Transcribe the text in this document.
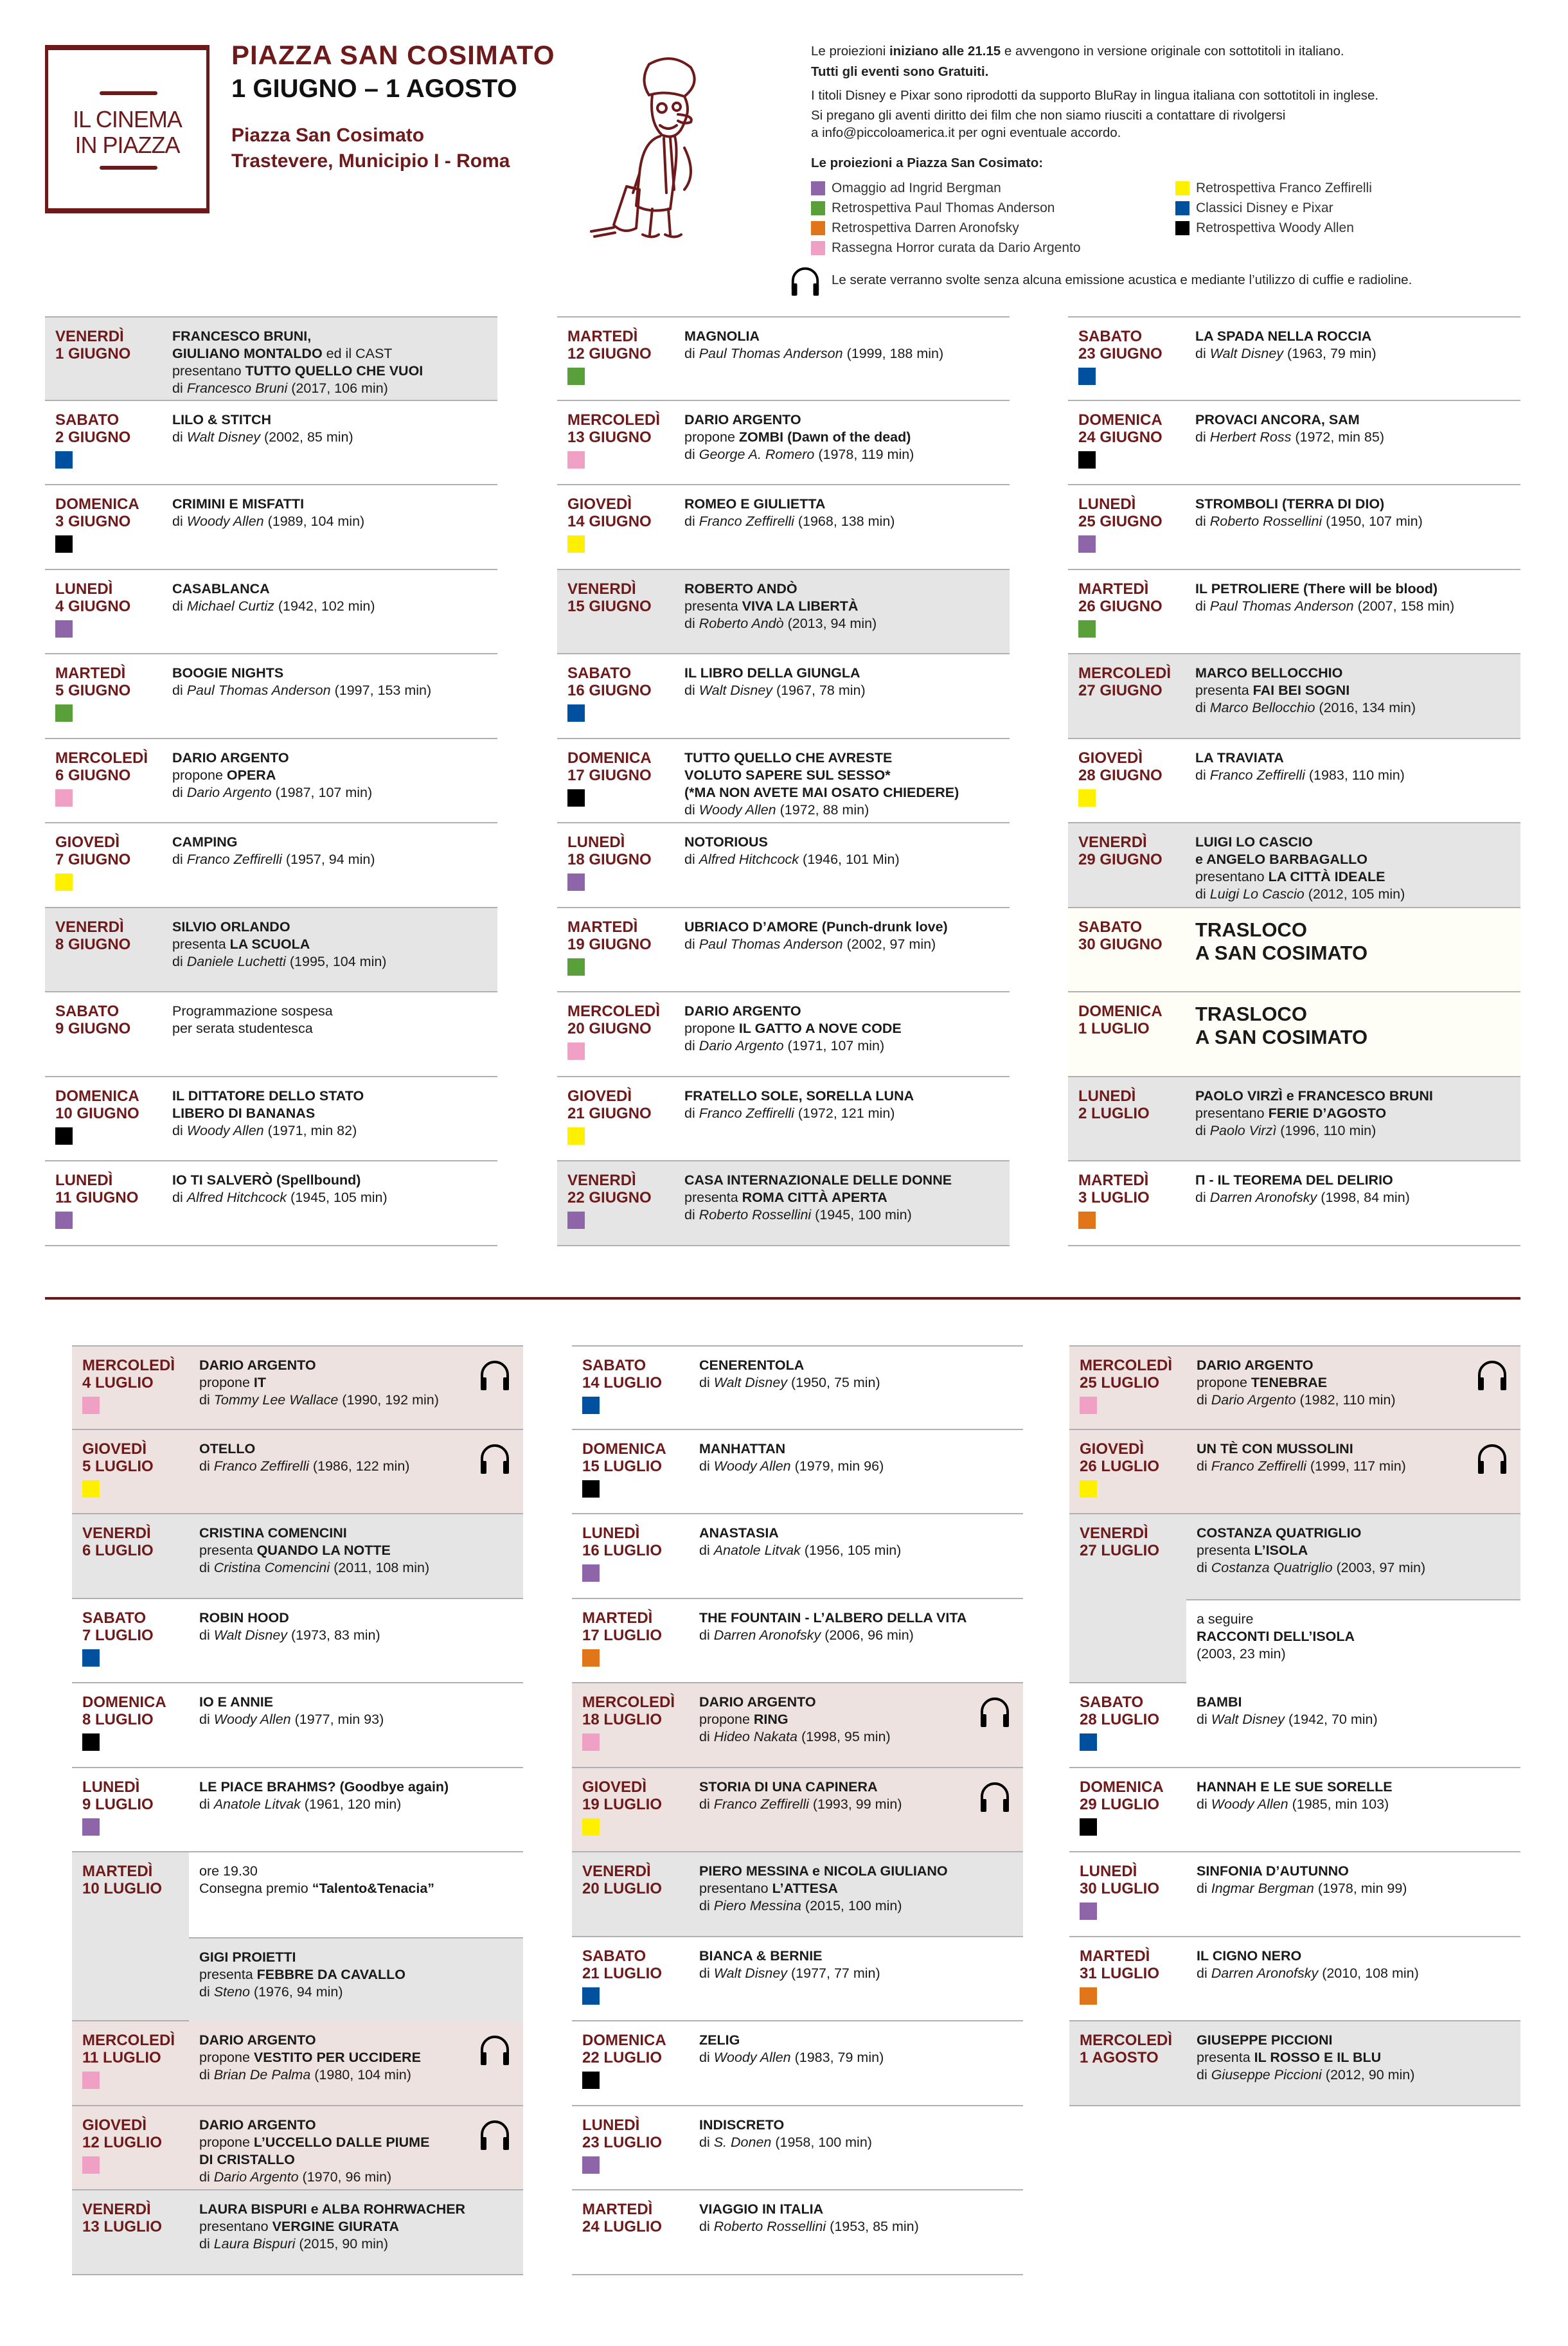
IL CINEMA
IN PIAZZA
PIAZZA SAN COSIMATO
1 GIUGNO – 1 AGOSTO
Piazza San Cosimato
Trastevere, Municipio I - Roma
Le proiezioni iniziano alle 21.15 e avvengono in versione originale con sottotitoli in italiano.
Tutti gli eventi sono Gratuiti.
I titoli Disney e Pixar sono riprodotti da supporto BluRay in lingua italiana con sottotitoli in inglese.
Si pregano gli aventi diritto dei film che non siamo riusciti a contattare di rivolgersi
a info@piccoloamerica.it per ogni eventuale accordo.
Le proiezioni a Piazza San Cosimato:
Omaggio ad Ingrid Bergman
Retrospettiva Paul Thomas Anderson
Retrospettiva Darren Aronofsky
Rassegna Horror curata da Dario Argento
Retrospettiva Franco Zeffirelli
Classici Disney e Pixar
Retrospettiva Woody Allen
Le serate verranno svolte senza alcuna emissione acustica e mediante l’utilizzo di cuffie e radioline.
VENERDÌ
1 GIUGNO
FRANCESCO BRUNI,
GIULIANO MONTALDO ed il CAST
presentano TUTTO QUELLO CHE VUOI
di Francesco Bruni (2017, 106 min)
SABATO
2 GIUGNO
LILO & STITCH
di Walt Disney (2002, 85 min)
DOMENICA
3 GIUGNO
CRIMINI E MISFATTI
di Woody Allen (1989, 104 min)
LUNEDÌ
4 GIUGNO
CASABLANCA
di Michael Curtiz (1942, 102 min)
MARTEDÌ
5 GIUGNO
BOOGIE NIGHTS
di Paul Thomas Anderson (1997, 153 min)
MERCOLEDÌ
6 GIUGNO
DARIO ARGENTO
propone OPERA
di Dario Argento (1987, 107 min)
GIOVEDÌ
7 GIUGNO
CAMPING
di Franco Zeffirelli (1957, 94 min)
VENERDÌ
8 GIUGNO
SILVIO ORLANDO
presenta LA SCUOLA
di Daniele Luchetti (1995, 104 min)
SABATO
9 GIUGNO
Programmazione sospesa
per serata studentesca
DOMENICA
10 GIUGNO
IL DITTATORE DELLO STATO
LIBERO DI BANANAS
di Woody Allen (1971, min 82)
LUNEDÌ
11 GIUGNO
IO TI SALVERÒ (Spellbound)
di Alfred Hitchcock (1945, 105 min)
MARTEDÌ
12 GIUGNO
MAGNOLIA
di Paul Thomas Anderson (1999, 188 min)
MERCOLEDÌ
13 GIUGNO
DARIO ARGENTO
propone ZOMBI (Dawn of the dead)
di George A. Romero (1978, 119 min)
GIOVEDÌ
14 GIUGNO
ROMEO E GIULIETTA
di Franco Zeffirelli (1968, 138 min)
VENERDÌ
15 GIUGNO
ROBERTO ANDÒ
presenta VIVA LA LIBERTÀ
di Roberto Andò (2013, 94 min)
SABATO
16 GIUGNO
IL LIBRO DELLA GIUNGLA
di Walt Disney (1967, 78 min)
DOMENICA
17 GIUGNO
TUTTO QUELLO CHE AVRESTE
VOLUTO SAPERE SUL SESSO*
(*MA NON AVETE MAI OSATO CHIEDERE)
di Woody Allen (1972, 88 min)
LUNEDÌ
18 GIUGNO
NOTORIOUS
di Alfred Hitchcock (1946, 101 Min)
MARTEDÌ
19 GIUGNO
UBRIACO D’AMORE (Punch-drunk love)
di Paul Thomas Anderson (2002, 97 min)
MERCOLEDÌ
20 GIUGNO
DARIO ARGENTO
propone IL GATTO A NOVE CODE
di Dario Argento (1971, 107 min)
GIOVEDÌ
21 GIUGNO
FRATELLO SOLE, SORELLA LUNA
di Franco Zeffirelli (1972, 121 min)
VENERDÌ
22 GIUGNO
CASA INTERNAZIONALE DELLE DONNE
presenta ROMA CITTÀ APERTA
di Roberto Rossellini (1945, 100 min)
SABATO
23 GIUGNO
LA SPADA NELLA ROCCIA
di Walt Disney (1963, 79 min)
DOMENICA
24 GIUGNO
PROVACI ANCORA, SAM
di Herbert Ross (1972, min 85)
LUNEDÌ
25 GIUGNO
STROMBOLI (TERRA DI DIO)
di Roberto Rossellini (1950, 107 min)
MARTEDÌ
26 GIUGNO
IL PETROLIERE (There will be blood)
di Paul Thomas Anderson (2007, 158 min)
MERCOLEDÌ
27 GIUGNO
MARCO BELLOCCHIO
presenta FAI BEI SOGNI
di Marco Bellocchio (2016, 134 min)
GIOVEDÌ
28 GIUGNO
LA TRAVIATA
di Franco Zeffirelli (1983, 110 min)
VENERDÌ
29 GIUGNO
LUIGI LO CASCIO
e ANGELO BARBAGALLO
presentano LA CITTÀ IDEALE
di Luigi Lo Cascio (2012, 105 min)
SABATO
30 GIUGNO
TRASLOCO
A SAN COSIMATO
DOMENICA
1 LUGLIO
TRASLOCO
A SAN COSIMATO
LUNEDÌ
2 LUGLIO
PAOLO VIRZÌ e FRANCESCO BRUNI
presentano FERIE D’AGOSTO
di Paolo Virzì (1996, 110 min)
MARTEDÌ
3 LUGLIO
Π - IL TEOREMA DEL DELIRIO
di Darren Aronofsky (1998, 84 min)
MERCOLEDÌ
4 LUGLIO
DARIO ARGENTO
propone IT
di Tommy Lee Wallace (1990, 192 min)
GIOVEDÌ
5 LUGLIO
OTELLO
di Franco Zeffirelli (1986, 122 min)
VENERDÌ
6 LUGLIO
CRISTINA COMENCINI
presenta QUANDO LA NOTTE
di Cristina Comencini (2011, 108 min)
SABATO
7 LUGLIO
ROBIN HOOD
di Walt Disney (1973, 83 min)
DOMENICA
8 LUGLIO
IO E ANNIE
di Woody Allen (1977, min 93)
LUNEDÌ
9 LUGLIO
LE PIACE BRAHMS? (Goodbye again)
di Anatole Litvak (1961, 120 min)
MARTEDÌ
10 LUGLIO
ore 19.30
Consegna premio “Talento&Tenacia”
GIGI PROIETTI
presenta FEBBRE DA CAVALLO
di Steno (1976, 94 min)
MERCOLEDÌ
11 LUGLIO
DARIO ARGENTO
propone VESTITO PER UCCIDERE
di Brian De Palma (1980, 104 min)
GIOVEDÌ
12 LUGLIO
DARIO ARGENTO
propone L’UCCELLO DALLE PIUME
DI CRISTALLO
di Dario Argento (1970, 96 min)
VENERDÌ
13 LUGLIO
LAURA BISPURI e ALBA ROHRWACHER
presentano VERGINE GIURATA
di Laura Bispuri (2015, 90 min)
SABATO
14 LUGLIO
CENERENTOLA
di Walt Disney (1950, 75 min)
DOMENICA
15 LUGLIO
MANHATTAN
di Woody Allen (1979, min 96)
LUNEDÌ
16 LUGLIO
ANASTASIA
di Anatole Litvak (1956, 105 min)
MARTEDÌ
17 LUGLIO
THE FOUNTAIN - L’ALBERO DELLA VITA
di Darren Aronofsky (2006, 96 min)
MERCOLEDÌ
18 LUGLIO
DARIO ARGENTO
propone RING
di Hideo Nakata (1998, 95 min)
GIOVEDÌ
19 LUGLIO
STORIA DI UNA CAPINERA
di Franco Zeffirelli (1993, 99 min)
VENERDÌ
20 LUGLIO
PIERO MESSINA e NICOLA GIULIANO
presentano L’ATTESA
di Piero Messina (2015, 100 min)
SABATO
21 LUGLIO
BIANCA & BERNIE
di Walt Disney (1977, 77 min)
DOMENICA
22 LUGLIO
ZELIG
di Woody Allen (1983, 79 min)
LUNEDÌ
23 LUGLIO
INDISCRETO
di S. Donen (1958, 100 min)
MARTEDÌ
24 LUGLIO
VIAGGIO IN ITALIA
di Roberto Rossellini (1953, 85 min)
MERCOLEDÌ
25 LUGLIO
DARIO ARGENTO
propone TENEBRAE
di Dario Argento (1982, 110 min)
GIOVEDÌ
26 LUGLIO
UN TÈ CON MUSSOLINI
di Franco Zeffirelli (1999, 117 min)
VENERDÌ
27 LUGLIO
COSTANZA QUATRIGLIO
presenta L’ISOLA
di Costanza Quatriglio (2003, 97 min)
a seguire
RACCONTI DELL’ISOLA
(2003, 23 min)
SABATO
28 LUGLIO
BAMBI
di Walt Disney (1942, 70 min)
DOMENICA
29 LUGLIO
HANNAH E LE SUE SORELLE
di Woody Allen (1985, min 103)
LUNEDÌ
30 LUGLIO
SINFONIA D’AUTUNNO
di Ingmar Bergman (1978, min 99)
MARTEDÌ
31 LUGLIO
IL CIGNO NERO
di Darren Aronofsky (2010, 108 min)
MERCOLEDÌ
1 AGOSTO
GIUSEPPE PICCIONI
presenta IL ROSSO E IL BLU
di Giuseppe Piccioni (2012, 90 min)
